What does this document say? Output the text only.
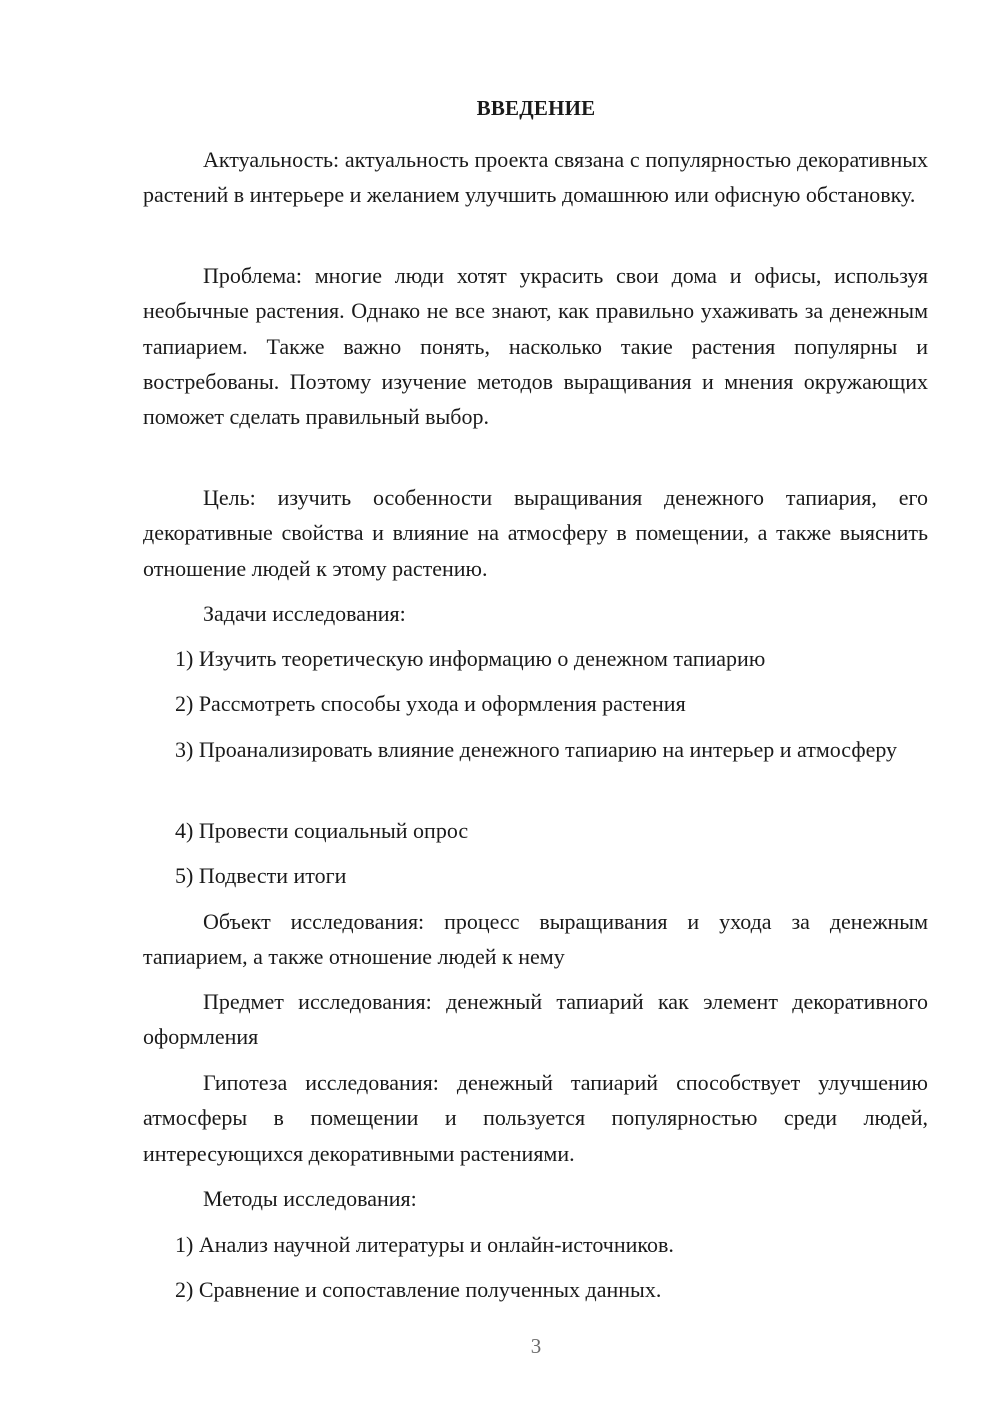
ВВЕДЕНИЕ

Актуальность: актуальность проекта связана с популярностью декоративных растений в интерьере и желанием улучшить домашнюю или офисную обстановку.

Проблема: многие люди хотят украсить свои дома и офисы, используя необычные растения. Однако не все знают, как правильно ухаживать за денежным тапиарием. Также важно понять, насколько такие растения популярны и востребованы. Поэтому изучение методов выращивания и мнения окружающих поможет сделать правильный выбор.

Цель: изучить особенности выращивания денежного тапиария, его декоративные свойства и влияние на атмосферу в помещении, а также выяснить отношение людей к этому растению.

Задачи исследования:

1) Изучить теоретическую информацию о денежном тапиарию

2) Рассмотреть способы ухода и оформления растения

3) Проанализировать влияние денежного тапиарию на интерьер и атмосферу

4) Провести социальный опрос

5) Подвести итоги

Объект исследования: процесс выращивания и ухода за денежным тапиарием, а также отношение людей к нему

Предмет исследования: денежный тапиарий как элемент декоративного оформления

Гипотеза исследования: денежный тапиарий способствует улучшению атмосферы в помещении и пользуется популярностью среди людей, интересующихся декоративными растениями.

Методы исследования:

1) Анализ научной литературы и онлайн-источников.

2) Сравнение и сопоставление полученных данных.

3
